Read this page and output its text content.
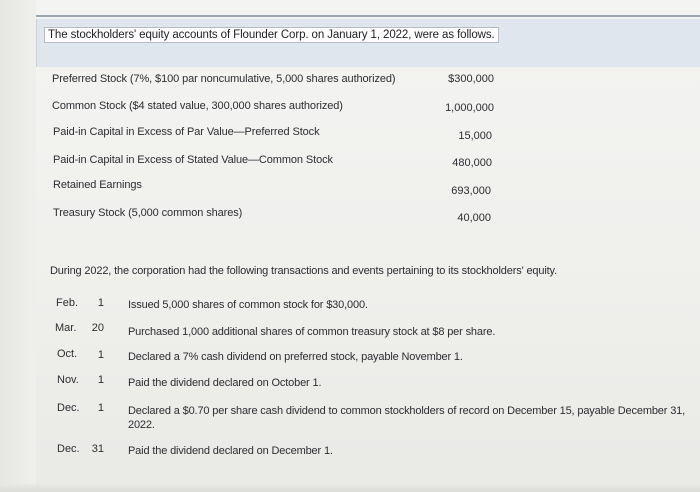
The stockholders' equity accounts of Flounder Corp. on January 1, 2022, were as follows.
Preferred Stock (7%, $100 par noncumulative, 5,000 shares authorized)	$300,000
Common Stock ($4 stated value, 300,000 shares authorized)	1,000,000
Paid-in Capital in Excess of Par Value—Preferred Stock	15,000
Paid-in Capital in Excess of Stated Value—Common Stock	480,000
Retained Earnings	693,000
Treasury Stock (5,000 common shares)	40,000
During 2022, the corporation had the following transactions and events pertaining to its stockholders' equity.
Feb.	1 Issued 5,000 shares of common stock for $30,000.
Mar.	20 Purchased 1,000 additional shares of common treasury stock at $8 per share.
Oct.	1 Declared a 7% cash dividend on preferred stock, payable November 1.
Nov.	1 Paid the dividend declared on October 1.
Dec.	1 Declared a $0.70 per share cash dividend to common stockholders of record on December 15, payable December 31, 2022.
Dec.	31 Paid the dividend declared on December 1.
